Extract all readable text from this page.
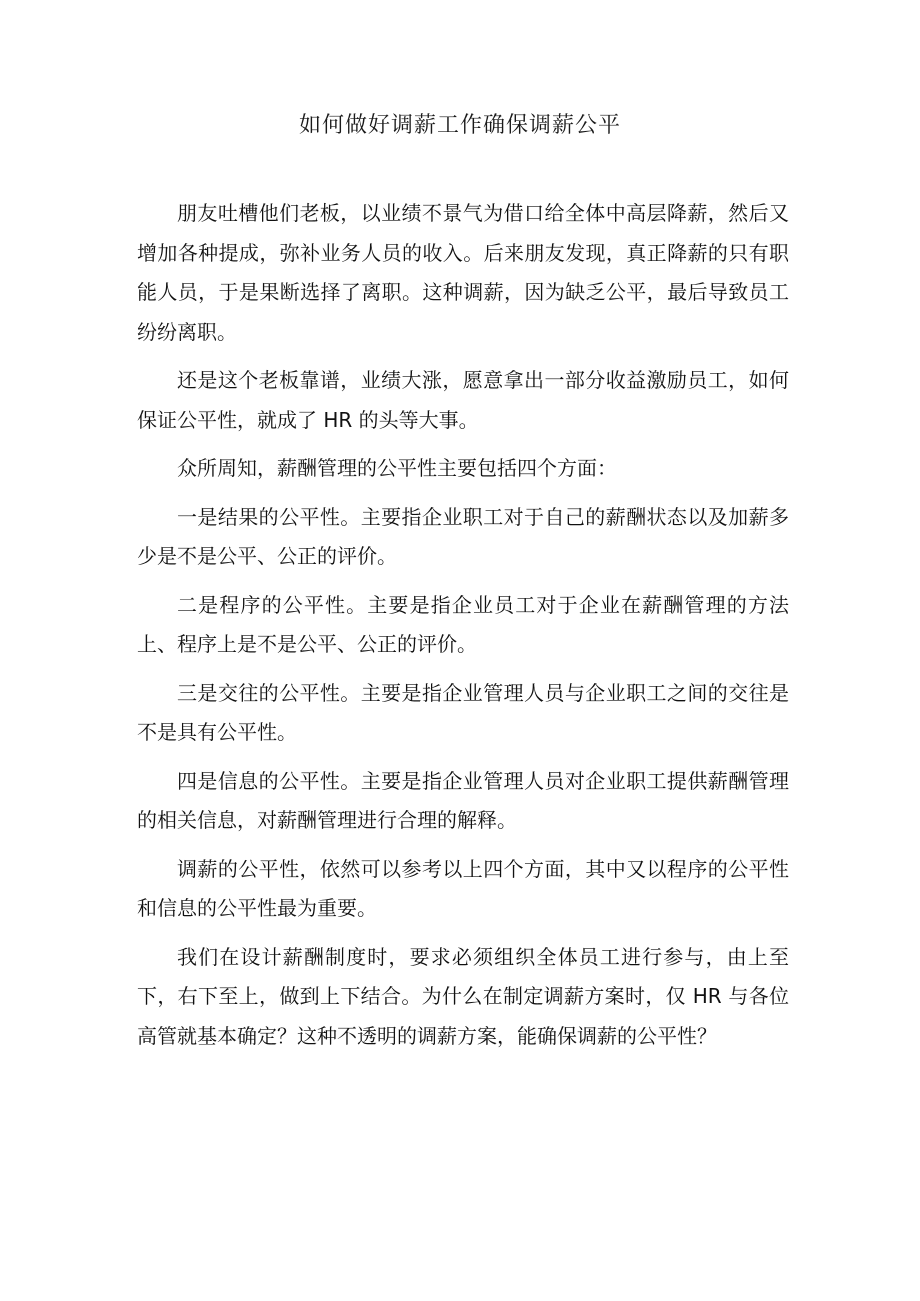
如何做好调薪工作确保调薪公平

朋友吐槽他们老板，以业绩不景气为借口给全体中高层降薪，然后又增加各种提成，弥补业务人员的收入。后来朋友发现，真正降薪的只有职能人员，于是果断选择了离职。这种调薪，因为缺乏公平，最后导致员工纷纷离职。

还是这个老板靠谱，业绩大涨，愿意拿出一部分收益激励员工，如何保证公平性，就成了 HR 的头等大事。

众所周知，薪酬管理的公平性主要包括四个方面：

一是结果的公平性。主要指企业职工对于自己的薪酬状态以及加薪多少是不是公平、公正的评价。

二是程序的公平性。主要是指企业员工对于企业在薪酬管理的方法上、程序上是不是公平、公正的评价。

三是交往的公平性。主要是指企业管理人员与企业职工之间的交往是不是具有公平性。

四是信息的公平性。主要是指企业管理人员对企业职工提供薪酬管理的相关信息，对薪酬管理进行合理的解释。

调薪的公平性，依然可以参考以上四个方面，其中又以程序的公平性和信息的公平性最为重要。

我们在设计薪酬制度时，要求必须组织全体员工进行参与，由上至下，右下至上，做到上下结合。为什么在制定调薪方案时，仅 HR 与各位高管就基本确定？这种不透明的调薪方案，能确保调薪的公平性？
